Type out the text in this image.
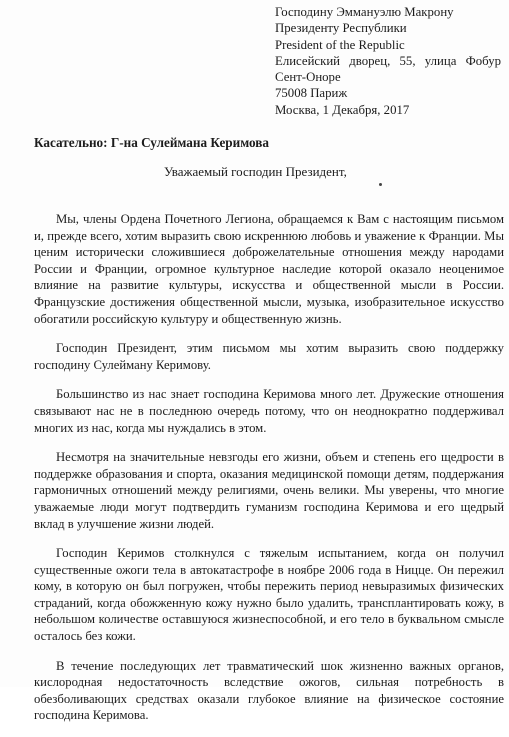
Господину Эммануэлю Макрону
Президенту Республики
President of the Republic
Елисейский дворец, 55, улица Фобур
Сент-Оноре
75008 Париж
Москва, 1 Декабря, 2017
Касательно: Г-на Сулеймана Керимова
Уважаемый господин Президент,

Мы, члены Ордена Почетного Легиона, обращаемся к Вам с настоящим письмом и, прежде всего, хотим выразить свою искреннюю любовь и уважение к Франции. Мы ценим исторически сложившиеся доброжелательные отношения между народами России и Франции, огромное культурное наследие которой оказало неоценимое влияние на развитие культуры, искусства и общественной мысли в России. Французские достижения общественной мысли, музыка, изобразительное искусство обогатили российскую культуру и общественную жизнь.

Господин Президент, этим письмом мы хотим выразить свою поддержку господину Сулейману Керимову.

Большинство из нас знает господина Керимова много лет. Дружеские отношения связывают нас не в последнюю очередь потому, что он неоднократно поддерживал многих из нас, когда мы нуждались в этом.

Несмотря на значительные невзгоды его жизни, объем и степень его щедрости в поддержке образования и спорта, оказания медицинской помощи детям, поддержания гармоничных отношений между религиями, очень велики. Мы уверены, что многие уважаемые люди могут подтвердить гуманизм господина Керимова и его щедрый вклад в улучшение жизни людей.

Господин Керимов столкнулся с тяжелым испытанием, когда он получил существенные ожоги тела в автокатастрофе в ноябре 2006 года в Ницце. Он пережил кому, в которую он был погружен, чтобы пережить период невыразимых физических страданий, когда обожженную кожу нужно было удалить, трансплантировать кожу, в небольшом количестве оставшуюся жизнеспособной, и его тело в буквальном смысле осталось без кожи.

В течение последующих лет травматический шок жизненно важных органов, кислородная недостаточность вследствие ожогов, сильная потребность в обезболивающих средствах оказали глубокое влияние на физическое состояние господина Керимова.
